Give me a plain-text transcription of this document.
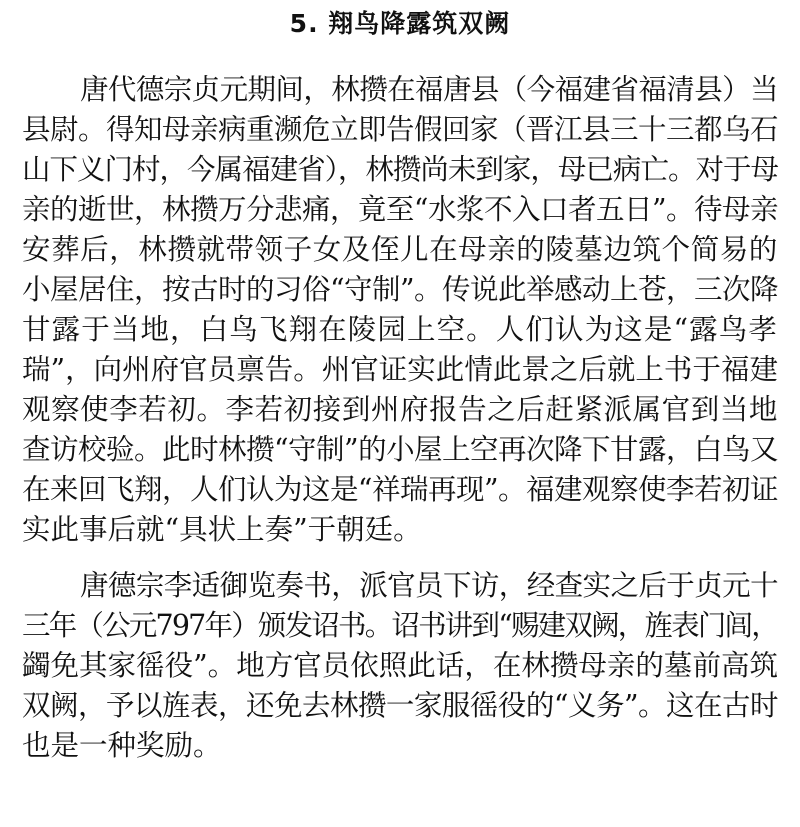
5. 翔鸟降露筑双阙
唐代德宗贞元期间，林攒在福唐县（今福建省福清县）当
县尉。得知母亲病重濒危立即告假回家（晋江县三十三都乌石
山下义门村，今属福建省），林攒尚未到家，母已病亡。对于母
亲的逝世，林攒万分悲痛，竟至“水浆不入口者五日”。待母亲
安葬后，林攒就带领子女及侄儿在母亲的陵墓边筑个简易的
小屋居住，按古时的习俗“守制”。传说此举感动上苍，三次降
甘露于当地，白鸟飞翔在陵园上空。人们认为这是“露鸟孝
瑞”，向州府官员禀告。州官证实此情此景之后就上书于福建
观察使李若初。李若初接到州府报告之后赶紧派属官到当地
查访校验。此时林攒“守制”的小屋上空再次降下甘露，白鸟又
在来回飞翔，人们认为这是“祥瑞再现”。福建观察使李若初证
实此事后就“具状上奏”于朝廷。
唐德宗李适御览奏书，派官员下访，经查实之后于贞元十
三年（公元797年）颁发诏书。诏书讲到“赐建双阙，旌表门闾，
蠲免其家徭役”。地方官员依照此话，在林攒母亲的墓前高筑
双阙，予以旌表，还免去林攒一家服徭役的“义务”。这在古时
也是一种奖励。
